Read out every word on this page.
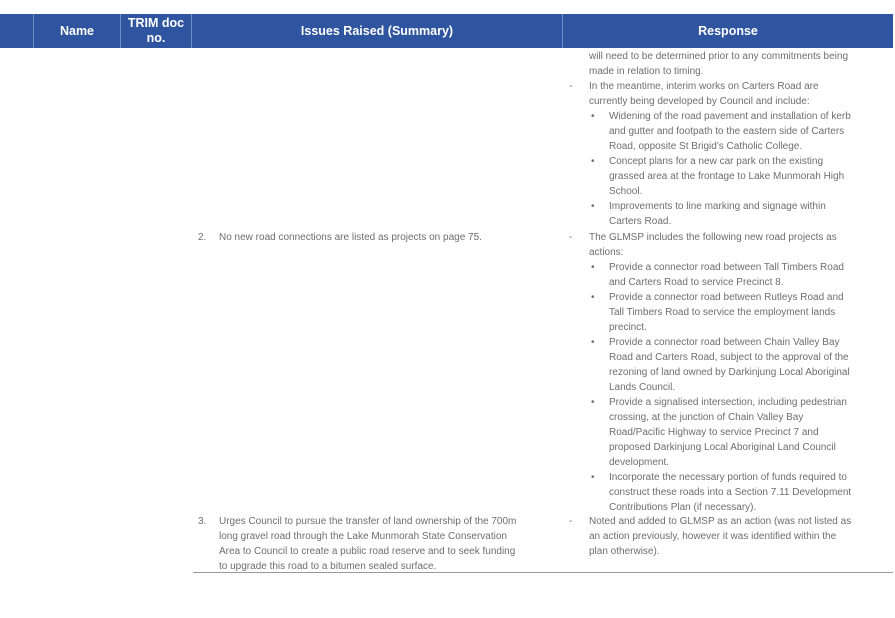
Name
TRIM doc
no.
Issues Raised (Summary)	Response
2. No new road connections are listed as projects on page 75.
3. Urges Council to pursue the transfer of land ownership of the 700m
long gravel road through the Lake Munmorah State Conservation
Area to Council to create a public road reserve and to seek funding
to upgrade this road to a bitumen sealed surface.
will need to be determined prior to any commitments being
made in relation to timing.
- In the meantime, interim works on Carters Road are
currently being developed by Council and include:
• Widening of the road pavement and installation of kerb
and gutter and footpath to the eastern side of Carters
Road, opposite St Brigid's Catholic College.
• Concept plans for a new car park on the existing
grassed area at the frontage to Lake Munmorah High
School.
• Improvements to line marking and signage within
Carters Road.
- The GLMSP includes the following new road projects as
actions:
• Provide a connector road between Tall Timbers Road
and Carters Road to service Precinct 8.
• Provide a connector road between Rutleys Road and
Tall Timbers Road to service the employment lands
precinct.
• Provide a connector road between Chain Valley Bay
Road and Carters Road, subject to the approval of the
rezoning of land owned by Darkinjung Local Aboriginal
Lands Council.
• Provide a signalised intersection, including pedestrian
crossing, at the junction of Chain Valley Bay
Road/Pacific Highway to service Precinct 7 and
proposed Darkinjung Local Aboriginal Land Council
development.
• Incorporate the necessary portion of funds required to
construct these roads into a Section 7.11 Development
Contributions Plan (if necessary).
- Noted and added to GLMSP as an action (was not listed as
an action previously, however it was identified within the
plan otherwise).
